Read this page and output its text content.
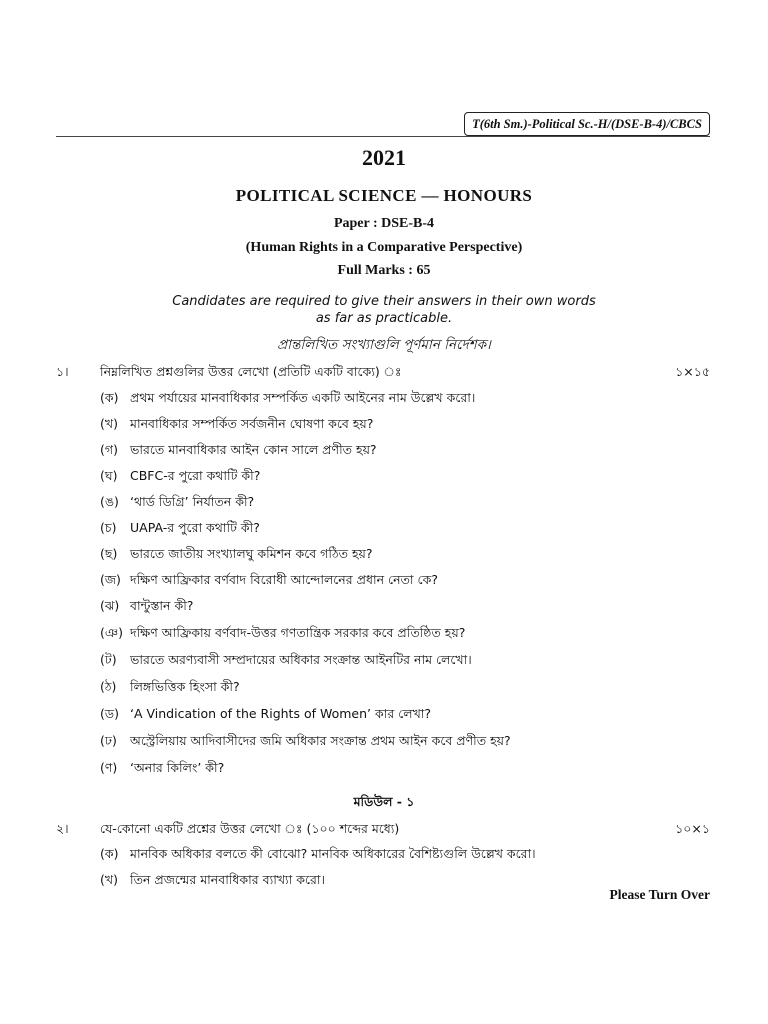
T(6th Sm.)-Political Sc.-H/(DSE-B-4)/CBCS
2021
POLITICAL SCIENCE — HONOURS
Paper : DSE-B-4
(Human Rights in a Comparative Perspective)
Full Marks : 65
Candidates are required to give their answers in their own words
as far as practicable.
প্রান্তলিখিত সংখ্যাগুলি পূর্ণমান নির্দেশক।
১।	নিম্নলিখিত প্রশ্নগুলির উত্তর লেখো (প্রতিটি একটি বাক্যে) ঃ	১×১৫
(ক) প্রথম পর্যায়ের মানবাধিকার সম্পর্কিত একটি আইনের নাম উল্লেখ করো।
(খ) মানবাধিকার সম্পর্কিত সর্বজনীন ঘোষণা কবে হয়?
(গ) ভারতে মানবাধিকার আইন কোন সালে প্রণীত হয়?
(ঘ)	CBFC-র পুরো কথাটি কী?
(ঙ) ‘থার্ড ডিগ্রি’ নির্যাতন কী?
(চ)	UAPA-র পুরো কথাটি কী?
(ছ)	ভারতে জাতীয় সংখ্যালঘু কমিশন কবে গঠিত হয়?
(জ) দক্ষিণ আফ্রিকার বর্ণবাদ বিরোধী আন্দোলনের প্রধান নেতা কে?
(ঝ) বান্টুস্তান কী?
(ঞ) দক্ষিণ আফ্রিকায় বর্ণবাদ-উত্তর গণতান্ত্রিক সরকার কবে প্রতিষ্ঠিত হয়?
(ট)	ভারতে অরণ্যবাসী সম্প্রদায়ের অধিকার সংক্রান্ত আইনটির নাম লেখো।
(ঠ)	লিঙ্গভিত্তিক হিংসা কী?
(ড) ‘A Vindication of the Rights of Women’ কার লেখা?
(ঢ)	অস্ট্রেলিয়ায় আদিবাসীদের জমি অধিকার সংক্রান্ত প্রথম আইন কবে প্রণীত হয়?
(ণ)	‘অনার কিলিং’ কী?
মডিউল - ১
২।	যে-কোনো একটি প্রশ্নের উত্তর লেখো ঃ (১০০ শব্দের মধ্যে)	১০×১
(ক) মানবিক অধিকার বলতে কী বোঝো? মানবিক অধিকারের বৈশিষ্ট্যগুলি উল্লেখ করো।
(খ) তিন প্রজন্মের মানবাধিকার ব্যাখ্যা করো।
Please Turn Over
